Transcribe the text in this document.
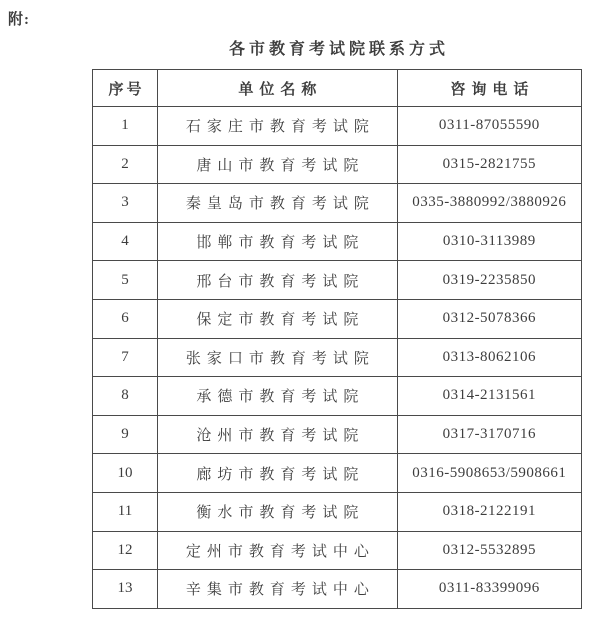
附:
各市教育考试院联系方式
序号	单位名称	咨询电话
1	石家庄市教育考试院	0311-87055590
2	唐山市教育考试院	0315-2821755
3	秦皇岛市教育考试院	0335-3880992/3880926
4	邯郸市教育考试院	0310-3113989
5	邢台市教育考试院	0319-2235850
6	保定市教育考试院	0312-5078366
7	张家口市教育考试院	0313-8062106
8	承德市教育考试院	0314-2131561
9	沧州市教育考试院	0317-3170716
10	廊坊市教育考试院	0316-5908653/5908661
11	衡水市教育考试院	0318-2122191
12	定州市教育考试中心	0312-5532895
13	辛集市教育考试中心	0311-83399096
